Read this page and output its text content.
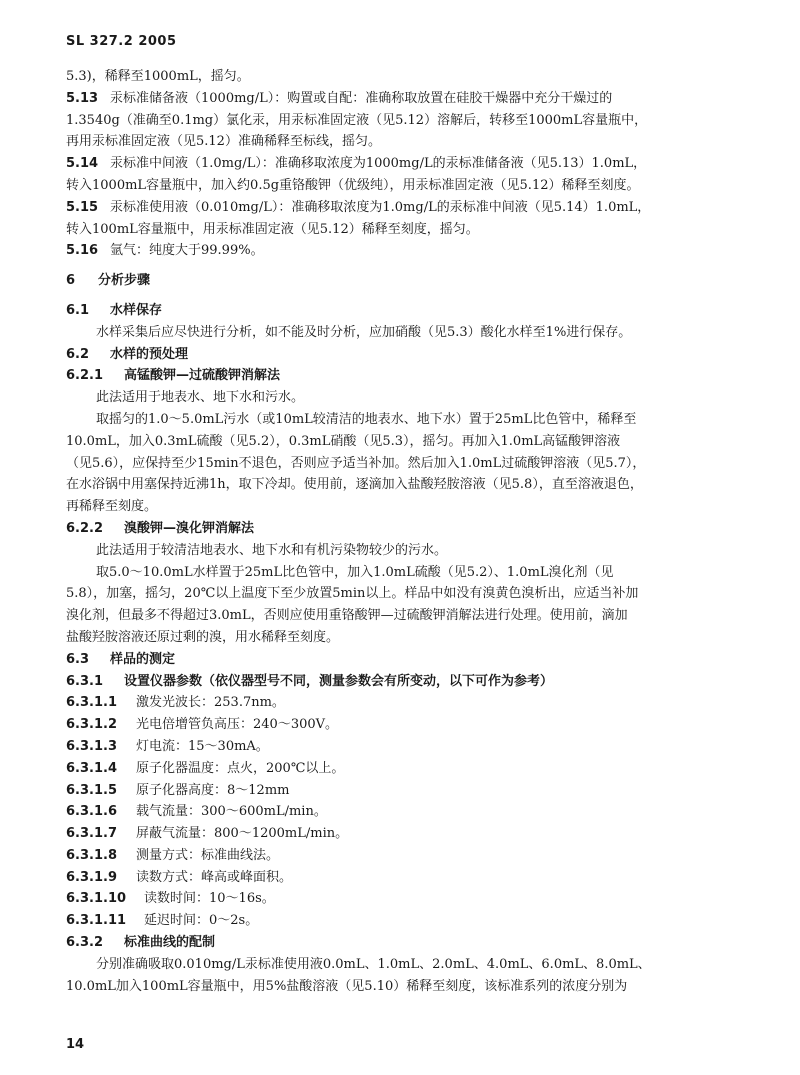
SL 327.2 2005
5.3)，稀释至1000mL，摇匀。
5.13 汞标准储备液（1000mg/L）：购置或自配：准确称取放置在硅胶干燥器中充分干燥过的
1.3540g（准确至0.1mg）氯化汞，用汞标准固定液（见5.12）溶解后，转移至1000mL容量瓶中，
再用汞标准固定液（见5.12）准确稀释至标线，摇匀。
5.14 汞标准中间液（1.0mg/L）：准确移取浓度为1000mg/L的汞标准储备液（见5.13）1.0mL，
转入1000mL容量瓶中，加入约0.5g重铬酸钾（优级纯），用汞标准固定液（见5.12）稀释至刻度。
5.15 汞标准使用液（0.010mg/L）：准确移取浓度为1.0mg/L的汞标准中间液（见5.14）1.0mL，
转入100mL容量瓶中，用汞标准固定液（见5.12）稀释至刻度，摇匀。
5.16 氩气：纯度大于99.99%。
6 分析步骤
6.1 水样保存
水样采集后应尽快进行分析，如不能及时分析，应加硝酸（见5.3）酸化水样至1%进行保存。
6.2 水样的预处理
6.2.1 高锰酸钾—过硫酸钾消解法
此法适用于地表水、地下水和污水。
取摇匀的1.0～5.0mL污水（或10mL较清洁的地表水、地下水）置于25mL比色管中，稀释至
10.0mL，加入0.3mL硫酸（见5.2），0.3mL硝酸（见5.3），摇匀。再加入1.0mL高锰酸钾溶液
（见5.6），应保持至少15min不退色，否则应予适当补加。然后加入1.0mL过硫酸钾溶液（见5.7），
在水浴锅中用塞保持近沸1h，取下冷却。使用前，逐滴加入盐酸羟胺溶液（见5.8），直至溶液退色，
再稀释至刻度。
6.2.2 溴酸钾—溴化钾消解法
此法适用于较清洁地表水、地下水和有机污染物较少的污水。
取5.0～10.0mL水样置于25mL比色管中，加入1.0mL硫酸（见5.2）、1.0mL溴化剂（见
5.8），加塞，摇匀，20℃以上温度下至少放置5min以上。样品中如没有溴黄色溴析出，应适当补加
溴化剂，但最多不得超过3.0mL，否则应使用重铬酸钾—过硫酸钾消解法进行处理。使用前，滴加
盐酸羟胺溶液还原过剩的溴，用水稀释至刻度。
6.3 样品的测定
6.3.1 设置仪器参数（依仪器型号不同，测量参数会有所变动，以下可作为参考）
6.3.1.1 激发光波长：253.7nm。
6.3.1.2 光电倍增管负高压：240～300V。
6.3.1.3 灯电流：15～30mA。
6.3.1.4 原子化器温度：点火，200℃以上。
6.3.1.5 原子化器高度：8～12mm
6.3.1.6 载气流量：300～600mL/min。
6.3.1.7 屏蔽气流量：800～1200mL/min。
6.3.1.8 测量方式：标准曲线法。
6.3.1.9 读数方式：峰高或峰面积。
6.3.1.10 读数时间：10～16s。
6.3.1.11 延迟时间：0～2s。
6.3.2 标准曲线的配制
分别准确吸取0.010mg/L汞标准使用液0.0mL、1.0mL、2.0mL、4.0mL、6.0mL、8.0mL、
10.0mL加入100mL容量瓶中，用5%盐酸溶液（见5.10）稀释至刻度，该标准系列的浓度分别为
14
